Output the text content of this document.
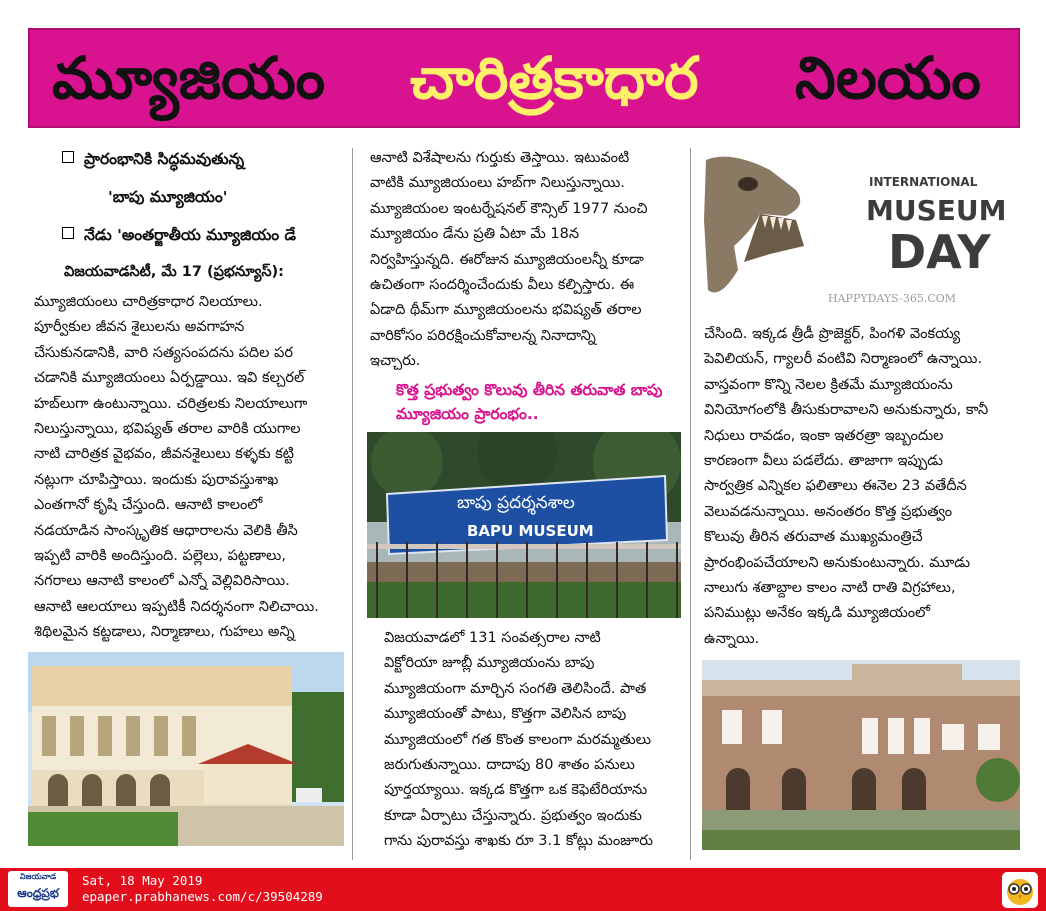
మ్యూజియం చారిత్రకాధార నిలయం
ప్రారంభానికి సిద్ధమవుతున్న
'బాపు మ్యూజియం'
నేడు 'అంతర్జాతీయ మ్యూజియం డే
విజయవాడసిటీ, మే 17 (ప్రభన్యూస్):

మ్యూజియంలు చారిత్రకాధార నిలయాలు.

పూర్వీకుల జీవన శైలులను అవగాహన

చేసుకునడానికి, వారి సత్యసంపదను పదిల పర

చడానికి మ్యూజియంలు ఏర్పడ్డాయి. ఇవి కల్చరల్

హబ్‌లుగా ఉంటున్నాయి. చరిత్రలకు నిలయాలుగా

నిలుస్తున్నాయి, భవిష్యత్ తరాల వారికి యుగాల

నాటి చారిత్రక వైభవం, జీవనశైలులు కళ్ళకు కట్టి

నట్లుగా చూపిస్తాయి. ఇందుకు పురావస్తుశాఖ

ఎంతగానో కృషి చేస్తుంది. ఆనాటి కాలంలో

నడయాడిన సాంస్కృతిక ఆధారాలను వెలికి తీసి

ఇప్పటి వారికి అందిస్తుంది. పల్లెలు, పట్టణాలు,

నగరాలు ఆనాటి కాలంలో ఎన్నో వెల్లివిరిసాయి.

ఆనాటి ఆలయాలు ఇప్పటికీ నిదర్శనంగా నిలిచాయి.

శిథిలమైన కట్టడాలు, నిర్మాణాలు, గుహలు అన్ని

ఆనాటి విశేషాలను గుర్తుకు తెస్తాయి. ఇటువంటి

వాటికి మ్యూజియంలు హబ్‌గా నిలుస్తున్నాయి.

మ్యూజియంల ఇంటర్నేషనల్ కౌన్సిల్ 1977 నుంచి

మ్యూజియం డేను ప్రతి ఏటా మే 18న

నిర్వహిస్తున్నది. ఈరోజున మ్యూజియంలన్నీ కూడా

ఉచితంగా సందర్శించేందుకు వీలు కల్పిస్తారు. ఈ

ఏడాది థీమ్‌గా మ్యూజియంలను భవిష్యత్ తరాల

వారికోసం పరిరక్షించుకోవాలన్న నినాదాన్ని

ఇచ్చారు.

కొత్త ప్రభుత్వం కొలువు తీరిన తరువాత బాపు

మ్యూజియం ప్రారంభం..

బాపు ప్రదర్శనశాల
BAPU MUSEUM

విజయవాడలో 131 సంవత్సరాల నాటి

విక్టోరియా జూబ్లీ మ్యూజియంను బాపు

మ్యూజియంగా మార్చిన సంగతి తెలిసిందే. పాత

మ్యూజియంతో పాటు, కొత్తగా వెలిసిన బాపు

మ్యూజియంలో గత కొంత కాలంగా మరమ్మతులు

జరుగుతున్నాయి. దాదాపు 80 శాతం పనులు

పూర్తయ్యాయి. ఇక్కడ కొత్తగా ఒక కెఫెటేరియాను

కూడా ఏర్పాటు చేస్తున్నారు. ప్రభుత్వం ఇందుకు

గాను పురావస్తు శాఖకు రూ 3.1 కోట్లు మంజూరు

INTERNATIONAL
MUSEUM
DAY
HAPPYDAYS-365.COM

చేసింది. ఇక్కడ త్రీడీ ప్రొజెక్టర్, పింగళి వెంకయ్య

పెవిలియన్, గ్యాలరీ వంటివి నిర్మాణంలో ఉన్నాయి.

వాస్తవంగా కొన్ని నెలల క్రితమే మ్యూజియంను

వినియోగంలోకి తీసుకురావాలని అనుకున్నారు, కానీ

నిధులు రావడం, ఇంకా ఇతరత్రా ఇబ్బందుల

కారణంగా వీలు పడలేదు. తాజాగా ఇప్పుడు

సార్వత్రిక ఎన్నికల ఫలితాలు ఈనెల 23 వతేదీన

వెలువడనున్నాయి. అనంతరం కొత్త ప్రభుత్వం

కొలువు తీరిన తరువాత ముఖ్యమంత్రిచే

ప్రారంభింపచేయాలని అనుకుంటున్నారు. మూడు

నాలుగు శతాబ్దాల కాలం నాటి రాతి విగ్రహాలు,

పనిముట్లు అనేకం ఇక్కడి మ్యూజియంలో

ఉన్నాయి.

విజయవాడ
ఆంధ్రప్రభ
Sat, 18 May 2019
epaper.prabhanews.com/c/39504289
